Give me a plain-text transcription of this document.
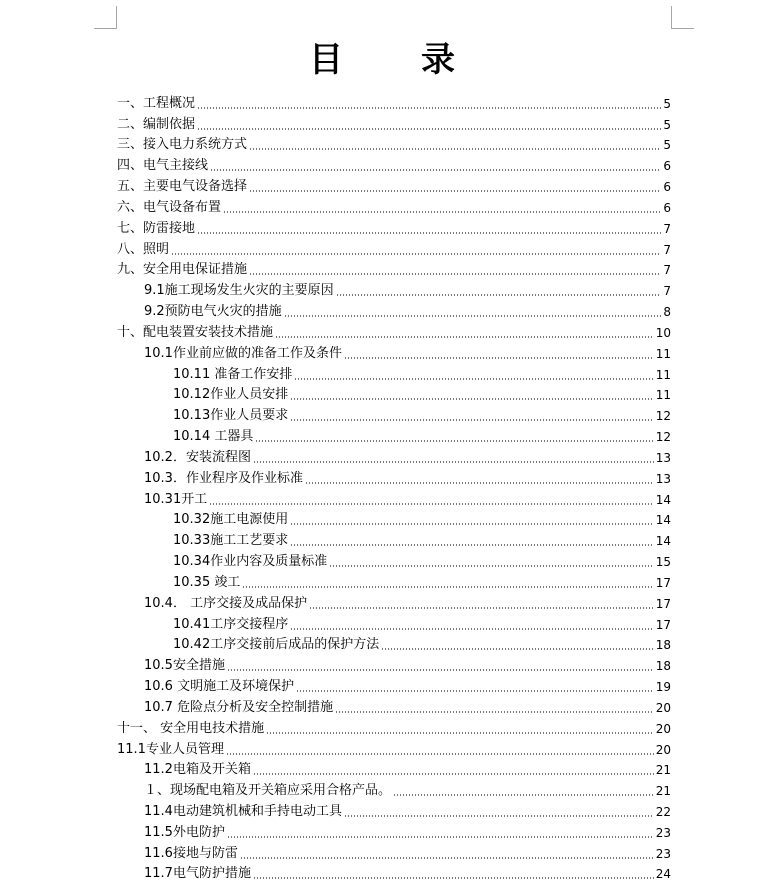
目 录
一、工程概况	5
二、编制依据	5
三、接入电力系统方式	5
四、电气主接线	6
五、主要电气设备选择	6
六、电气设备布置	6
七、防雷接地	7
八、照明	7
九、安全用电保证措施	7
9.1施工现场发生火灾的主要原因	7
9.2预防电气火灾的措施	8
十、配电装置安装技术措施	10
10.1作业前应做的准备工作及条件	11
10.11 准备工作安排	11
10.12作业人员安排	11
10.13作业人员要求	12
10.14 工器具	12
10.2．安装流程图	13
10.3．作业程序及作业标准	13
10.31开工	14
10.32施工电源使用	14
10.33施工工艺要求	14
10.34作业内容及质量标准	15
10.35 竣工	17
10.4． 工序交接及成品保护	17
10.41工序交接程序	17
10.42工序交接前后成品的保护方法	18
10.5安全措施	18
10.6 文明施工及环境保护	19
10.7 危险点分析及安全控制措施	20
十一、 安全用电技术措施	20
11.1专业人员管理	20
11.2电箱及开关箱	21
１、现场配电箱及开关箱应采用合格产品。	21
11.4电动建筑机械和手持电动工具	22
11.5外电防护	23
11.6接地与防雷	23
11.7电气防护措施	24
